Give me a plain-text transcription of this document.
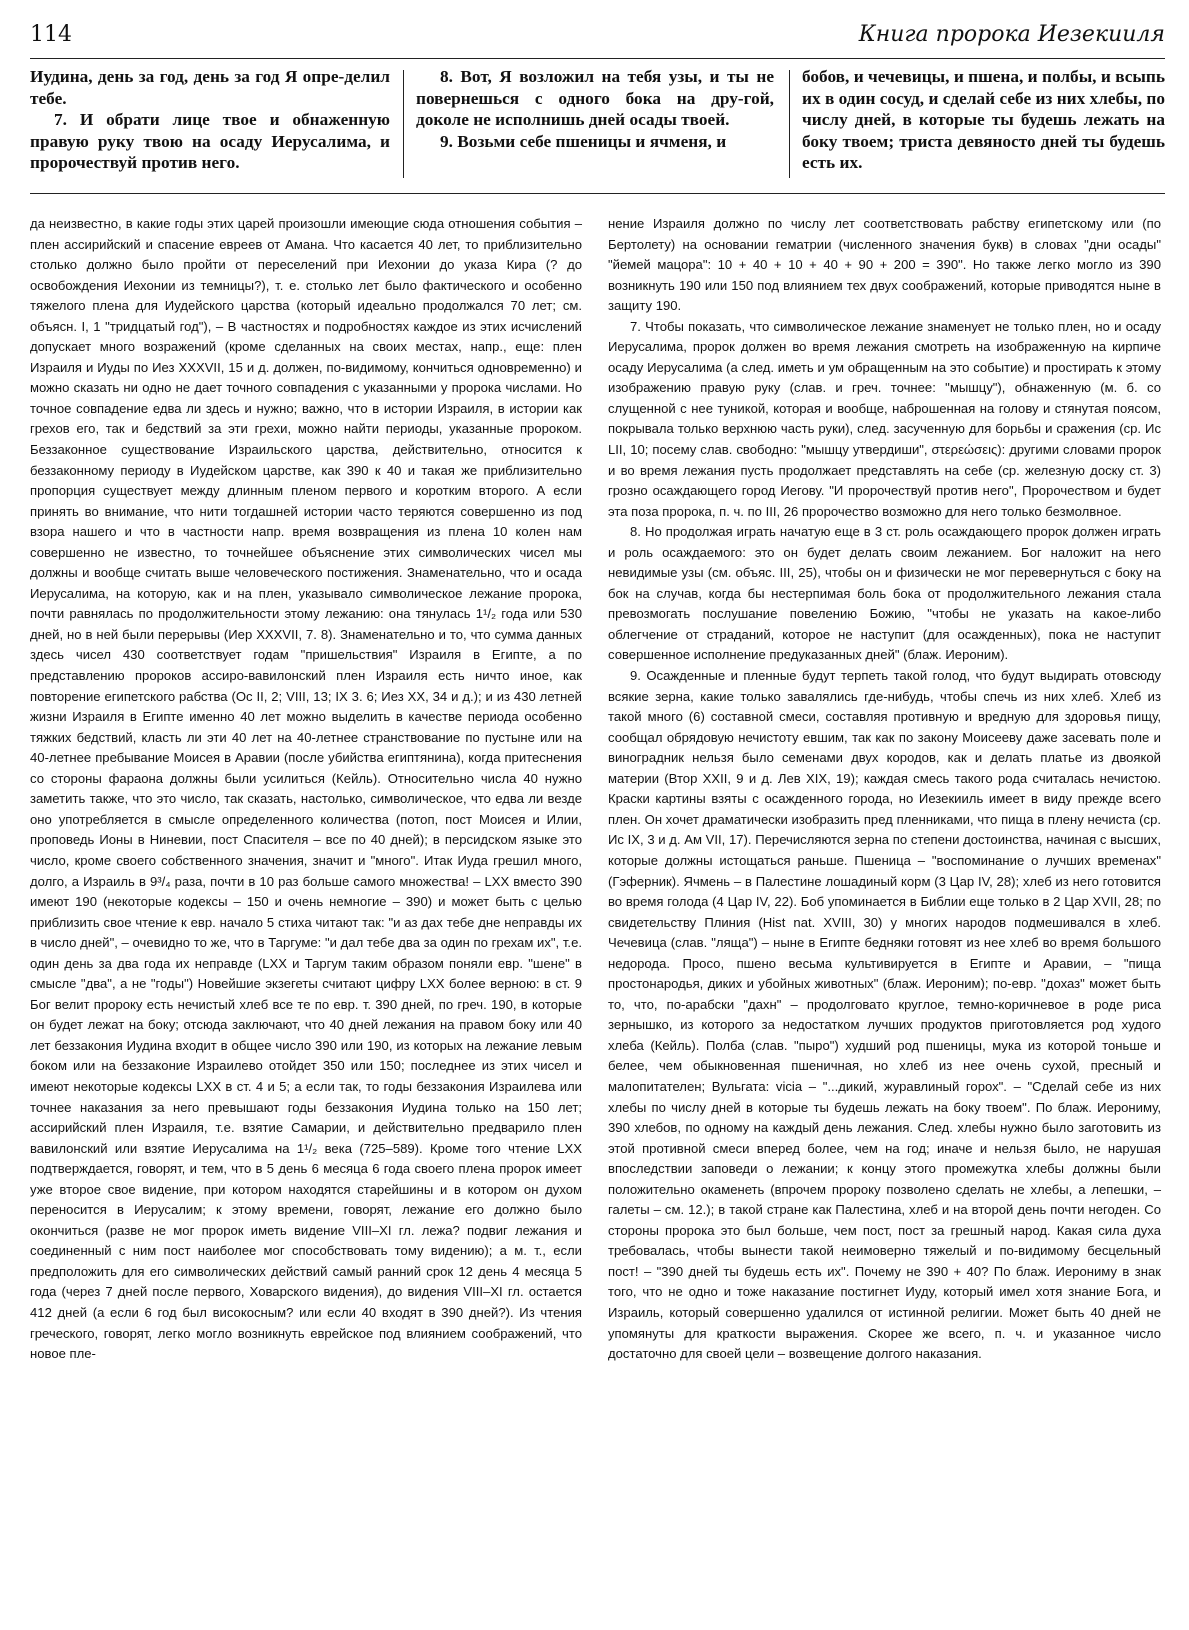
114	Книга пророка Иезекииля

Иудина, день за год, день за год Я опре-делил тебе.

7. И обрати лице твое и обнаженную правую руку твою на осаду Иерусалима, и пророчествуй против него.

8. Вот, Я возложил на тебя узы, и ты не повернешься с одного бока на дру-гой, доколе не исполнишь дней осады твоей.

9. Возьми себе пшеницы и ячменя, и

бобов, и чечевицы, и пшена, и полбы, и всыпь их в один сосуд, и сделай себе из них хлебы, по числу дней, в которые ты будешь лежать на боку твоем; триста девяносто дней ты будешь есть их.

да неизвестно, в какие годы этих царей произошли имеющие сюда отношения события – плен ассирийский и спасение евреев от Амана. Что касается 40 лет, то приблизительно столько должно было пройти от переселений при Иехонии до указа Кира (? до освобождения Иехонии из темницы?), т. е. столько лет было фактического и особенно тяжелого плена для Иудейского царства (который идеально продолжался 70 лет; см. объясн. I, 1 "тридцатый год"), – В частностях и подробностях каждое из этих исчислений допускает много возражений (кроме сделанных на своих местах, напр., еще: плен Израиля и Иуды по Иез XXXVII, 15 и д. должен, по-видимому, кончиться одновременно) и можно сказать ни одно не дает точного совпадения с указанными у пророка числами. Но точное совпадение едва ли здесь и нужно; важно, что в истории Израиля, в истории как грехов его, так и бедствий за эти грехи, можно найти периоды, указанные пророком. Беззаконное существование Израильского царства, действительно, относится к беззаконному периоду в Иудейском царстве, как 390 к 40 и такая же приблизительно пропорция существует между длинным пленом первого и коротким второго. А если принять во внимание, что нити тогдашней истории часто теряются совершенно из под взора нашего и что в частности напр. время возвращения из плена 10 колен нам совершенно не известно, то точнейшее объяснение этих символических чисел мы должны и вообще считать выше человеческого постижения. Знаменательно, что и осада Иерусалима, на которую, как и на плен, указывало символическое лежание пророка, почти равнялась по продолжительности этому лежанию: она тянулась 1¹/₂ года или 530 дней, но в ней были перерывы (Иер XXXVII, 7. 8). Знаменательно и то, что сумма данных здесь чисел 430 соответствует годам "пришельствия" Израиля в Египте, а по представлению пророков ассиро-вавилонский плен Израиля есть ничто иное, как повторение египетского рабства (Ос II, 2; VIII, 13; IX 3. 6; Иез XX, 34 и д.); и из 430 летней жизни Израиля в Египте именно 40 лет можно выделить в качестве периода особенно тяжких бедствий, класть ли эти 40 лет на 40-летнее странствование по пустыне или на 40-летнее пребывание Моисея в Аравии (после убийства египтянина), когда притеснения со стороны фараона должны были усилиться (Кейль). Относительно числа 40 нужно заметить также, что это число, так сказать, настолько, символическое, что едва ли везде оно употребляется в смысле определенного количества (потоп, пост Моисея и Илии, проповедь Ионы в Ниневии, пост Спасителя – все по 40 дней); в персидском языке это число, кроме своего собственного значения, значит и "много". Итак Иуда грешил много, долго, а Израиль в 9³/₄ раза, почти в 10 раз больше самого множества! – LXX вместо 390 имеют 190 (некоторые кодексы – 150 и очень немногие – 390) и может быть с целью приблизить свое чтение к евр. начало 5 стиха читают так: "и аз дах тебе дне неправды их в число дней", – очевидно то же, что в Таргуме: "и дал тебе два за один по грехам их", т.е. один день за два года их неправде (LXX и Таргум таким образом поняли евр. "шене" в смысле "два", а не "годы") Новейшие экзегеты считают цифру LXX более верною: в ст. 9 Бог велит пророку есть нечистый хлеб все те по евр. т. 390 дней, по греч. 190, в которые он будет лежат на боку; отсюда заключают, что 40 дней лежания на правом боку или 40 лет беззакония Иудина входит в общее число 390 или 190, из которых на лежание левым боком или на беззаконие Израилево отойдет 350 или 150; последнее из этих чисел и имеют некоторые кодексы LXX в ст. 4 и 5; а если так, то годы беззакония Израилева или точнее наказания за него превышают годы беззакония Иудина только на 150 лет; ассирийский плен Израиля, т.е. взятие Самарии, и действительно предварило плен вавилонский или взятие Иерусалима на 1¹/₂ века (725–589). Кроме того чтение LXX подтверждается, говорят, и тем, что в 5 день 6 месяца 6 года своего плена пророк имеет уже второе свое видение, при котором находятся старейшины и в котором он духом переносится в Иерусалим; к этому времени, говорят, лежание его должно было окончиться (разве не мог пророк иметь видение VIII–XI гл. лежа? подвиг лежания и соединенный с ним пост наиболее мог способствовать тому видению); а м. т., если предположить для его символических действий самый ранний срок 12 день 4 месяца 5 года (через 7 дней после первого, Ховарского видения), до видения VIII–XI гл. остается 412 дней (а если 6 год был високосным? или если 40 входят в 390 дней?). Из чтения греческого, говорят, легко могло возникнуть еврейское под влиянием соображений, что новое пле-

нение Израиля должно по числу лет соответствовать рабству египетскому или (по Бертолету) на основании гематрии (численного значения букв) в словах "дни осады" "йемей мацора": 10 + 40 + 10 + 40 + 90 + 200 = 390". Но также легко могло из 390 возникнуть 190 или 150 под влиянием тех двух соображений, которые приводятся ныне в защиту 190.

7. Чтобы показать, что символическое лежание знаменует не только плен, но и осаду Иерусалима, пророк должен во время лежания смотреть на изображенную на кирпиче осаду Иерусалима (а след. иметь и ум обращенным на это событие) и простирать к этому изображению правую руку (слав. и греч. точнее: "мышцу"), обнаженную (м. б. со слущенной с нее туникой, которая и вообще, наброшенная на голову и стянутая поясом, покрывала только верхнюю часть руки), след. засученную для борьбы и сражения (ср. Ис LII, 10; посему слав. свободно: "мышцу утвердиши", στερεώσεις): другими словами пророк и во время лежания пусть продолжает представлять на себе (ср. железную доску ст. 3) грозно осаждающего город Иегову. "И пророчествуй против него", Пророчеством и будет эта поза пророка, п. ч. по III, 26 пророчество возможно для него только безмолвное.

8. Но продолжая играть начатую еще в 3 ст. роль осаждающего пророк должен играть и роль осаждаемого: это он будет делать своим лежанием. Бог наложит на него невидимые узы (см. объяс. III, 25), чтобы он и физически не мог перевернуться с боку на бок на случав, когда бы нестерпимая боль бока от продолжительного лежания стала превозмогать послушание повелению Божию, "чтобы не указать на какое-либо облегчение от страданий, которое не наступит (для осажденных), пока не наступит совершенное исполнение предуказанных дней" (блаж. Иероним).

9. Осажденные и пленные будут терпеть такой голод, что будут выдирать отовсюду всякие зерна, какие только завалялись где-нибудь, чтобы спечь из них хлеб. Хлеб из такой много (6) составной смеси, составляя противную и вредную для здоровья пищу, сообщал обрядовую нечистоту евшим, так как по закону Моисееву даже засевать поле и виноградник нельзя было семенами двух кородов, как и делать платье из двоякой материи (Втор XXII, 9 и д. Лев XIX, 19); каждая смесь такого рода считалась нечистою. Краски картины взяты с осажденного города, но Иезекииль имеет в виду прежде всего плен. Он хочет драматически изобразить пред пленниками, что пища в плену нечиста (ср. Ис IX, 3 и д. Ам VII, 17). Перечисляются зерна по степени достоинства, начиная с высших, которые должны истощаться раньше. Пшеница – "воспоминание о лучших временах" (Гэферник). Ячмень – в Палестине лошадиный корм (3 Цар IV, 28); хлеб из него готовится во время голода (4 Цар IV, 22). Боб упоминается в Библии еще только в 2 Цар XVII, 28; по свидетельству Плиния (Hist nat. XVIII, 30) у многих народов подмешивался в хлеб. Чечевица (слав. "ляща") – ныне в Египте бедняки готовят из нее хлеб во время большого недорода. Просо, пшено весьма культивируется в Египте и Аравии, – "пища простонародья, диких и убойных животных" (блаж. Иероним); по-евр. "дохаз" может быть то, что, по-арабски "дахн" – продолговато круглое, темно-коричневое в роде риса зернышко, из которого за недостатком лучших продуктов приготовляется род худого хлеба (Кейль). Полба (слав. "пыро") худший род пшеницы, мука из которой тоньше и белее, чем обыкновенная пшеничная, но хлеб из нее очень сухой, пресный и малопитателен; Вульгата: vicia – "...дикий, журавлиный горох". – "Сделай себе из них хлебы по числу дней в которые ты будешь лежать на боку твоем". По блаж. Иерониму, 390 хлебов, по одному на каждый день лежания. След. хлебы нужно было заготовить из этой противной смеси вперед более, чем на год; иначе и нельзя было, не нарушая впоследствии заповеди о лежании; к концу этого промежутка хлебы должны были положительно окаменеть (впрочем пророку позволено сделать не хлебы, а лепешки, – галеты – см. 12.); в такой стране как Палестина, хлеб и на второй день почти негоден. Со стороны пророка это был больше, чем пост, пост за грешный народ. Какая сила духа требовалась, чтобы вынести такой неимоверно тяжелый и по-видимому бесцельный пост! – "390 дней ты будешь есть их". Почему не 390 + 40? По блаж. Иерониму в знак того, что не одно и тоже наказание постигнет Иуду, который имел хотя знание Бога, и Израиль, который совершенно удалился от истинной религии. Может быть 40 дней не упомянуты для краткости выражения. Скорее же всего, п. ч. и указанное число достаточно для своей цели – возвещение долгого наказания.
